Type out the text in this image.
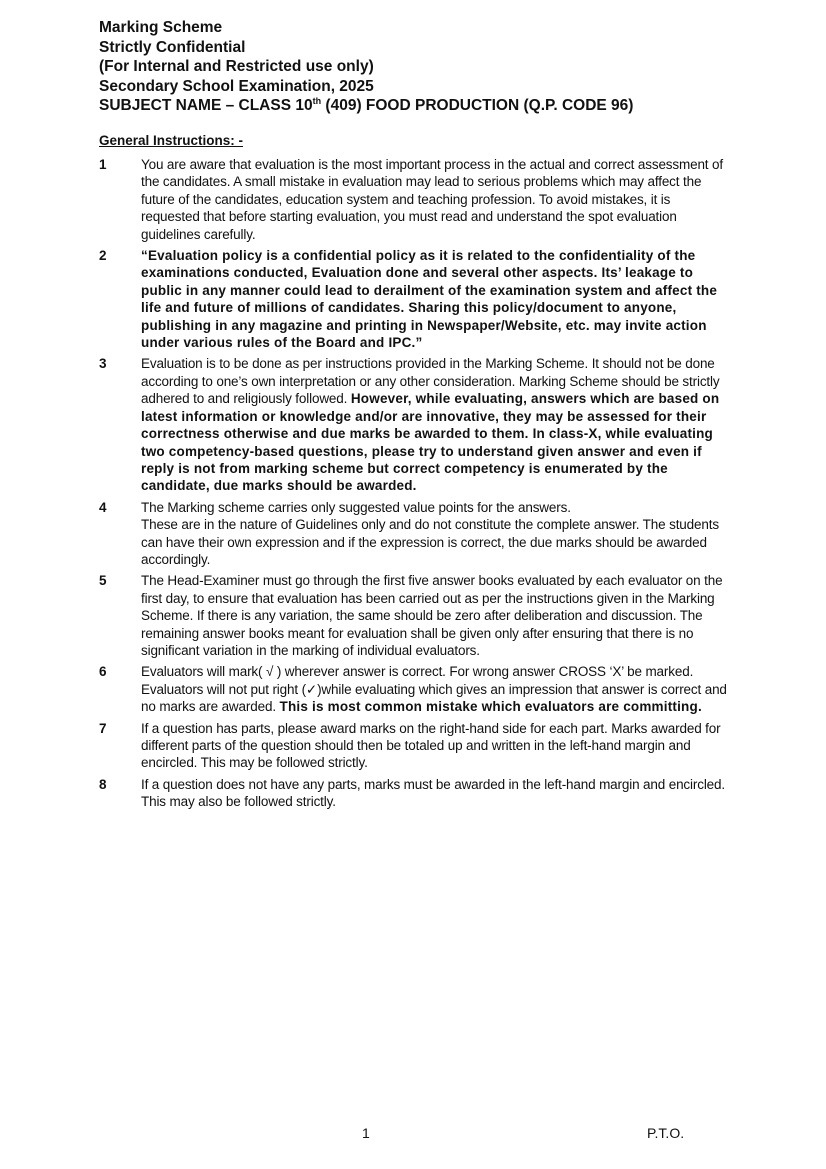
Marking Scheme
Strictly Confidential
(For Internal and Restricted use only)
Secondary School Examination, 2025
SUBJECT NAME – CLASS 10th (409) FOOD PRODUCTION (Q.P. CODE 96)
General Instructions: -
1	You are aware that evaluation is the most important process in the actual and correct assessment of the candidates. A small mistake in evaluation may lead to serious problems which may affect the future of the candidates, education system and teaching profession. To avoid mistakes, it is requested that before starting evaluation, you must read and understand the spot evaluation guidelines carefully.
2	“Evaluation policy is a confidential policy as it is related to the confidentiality of the examinations conducted, Evaluation done and several other aspects. Its’ leakage to public in any manner could lead to derailment of the examination system and affect the life and future of millions of candidates. Sharing this policy/document to anyone, publishing in any magazine and printing in Newspaper/Website, etc. may invite action under various rules of the Board and IPC.”
3	Evaluation is to be done as per instructions provided in the Marking Scheme. It should not be done according to one’s own interpretation or any other consideration. Marking Scheme should be strictly adhered to and religiously followed. However, while evaluating, answers which are based on latest information or knowledge and/or are innovative, they may be assessed for their correctness otherwise and due marks be awarded to them. In class-X, while evaluating two competency-based questions, please try to understand given answer and even if reply is not from marking scheme but correct competency is enumerated by the candidate, due marks should be awarded.
4	The Marking scheme carries only suggested value points for the answers.
These are in the nature of Guidelines only and do not constitute the complete answer. The students can have their own expression and if the expression is correct, the due marks should be awarded accordingly.
5	The Head-Examiner must go through the first five answer books evaluated by each evaluator on the first day, to ensure that evaluation has been carried out as per the instructions given in the Marking Scheme. If there is any variation, the same should be zero after deliberation and discussion. The remaining answer books meant for evaluation shall be given only after ensuring that there is no significant variation in the marking of individual evaluators.
6	Evaluators will mark( √ ) wherever answer is correct. For wrong answer CROSS ‘X’ be marked. Evaluators will not put right (✓)while evaluating which gives an impression that answer is correct and no marks are awarded. This is most common mistake which evaluators are committing.
7	If a question has parts, please award marks on the right-hand side for each part. Marks awarded for different parts of the question should then be totaled up and written in the left-hand margin and encircled. This may be followed strictly.
8	If a question does not have any parts, marks must be awarded in the left-hand margin and encircled. This may also be followed strictly.
1	P.T.O.
